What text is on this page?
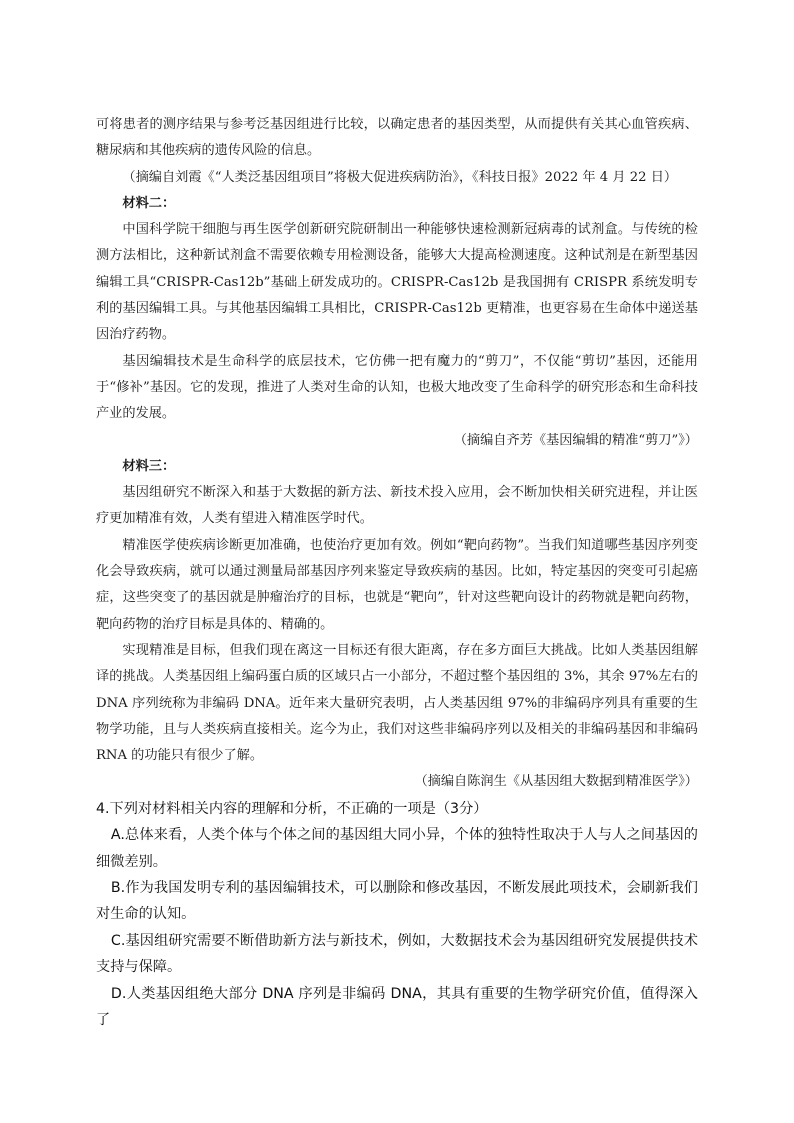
可将患者的测序结果与参考泛基因组进行比较，以确定患者的基因类型，从而提供有关其心血管疾病、糖尿病和其他疾病的遗传风险的信息。

（摘编自刘霞《“人类泛基因组项目”将极大促进疾病防治》，《科技日报》2022 年 4 月 22 日）

材料二：

中国科学院干细胞与再生医学创新研究院研制出一种能够快速检测新冠病毒的试剂盒。与传统的检测方法相比，这种新试剂盒不需要依赖专用检测设备，能够大大提高检测速度。这种试剂是在新型基因编辑工具“CRISPR-Cas12b”基础上研发成功的。CRISPR-Cas12b 是我国拥有 CRISPR 系统发明专利的基因编辑工具。与其他基因编辑工具相比，CRISPR-Cas12b 更精准，也更容易在生命体中递送基因治疗药物。

基因编辑技术是生命科学的底层技术，它仿佛一把有魔力的“剪刀”，不仅能“剪切”基因，还能用于“修补”基因。它的发现，推进了人类对生命的认知，也极大地改变了生命科学的研究形态和生命科技产业的发展。

（摘编自齐芳《基因编辑的精准“剪刀”》）

材料三：

基因组研究不断深入和基于大数据的新方法、新技术投入应用，会不断加快相关研究进程，并让医疗更加精准有效，人类有望进入精准医学时代。

精准医学使疾病诊断更加准确，也使治疗更加有效。例如“靶向药物”。当我们知道哪些基因序列变化会导致疾病，就可以通过测量局部基因序列来鉴定导致疾病的基因。比如，特定基因的突变可引起癌症，这些突变了的基因就是肿瘤治疗的目标，也就是“靶向”，针对这些靶向设计的药物就是靶向药物，靶向药物的治疗目标是具体的、精确的。

实现精准是目标，但我们现在离这一目标还有很大距离，存在多方面巨大挑战。比如人类基因组解译的挑战。人类基因组上编码蛋白质的区域只占一小部分，不超过整个基因组的 3%，其余 97%左右的 DNA 序列统称为非编码 DNA。近年来大量研究表明，占人类基因组 97%的非编码序列具有重要的生物学功能，且与人类疾病直接相关。迄今为止，我们对这些非编码序列以及相关的非编码基因和非编码 RNA 的功能只有很少了解。

（摘编自陈润生《从基因组大数据到精准医学》）

4.下列对材料相关内容的理解和分析，不正确的一项是（3分）

A.总体来看，人类个体与个体之间的基因组大同小异，个体的独特性取决于人与人之间基因的细微差别。

B.作为我国发明专利的基因编辑技术，可以删除和修改基因，不断发展此项技术，会刷新我们对生命的认知。

C.基因组研究需要不断借助新方法与新技术，例如，大数据技术会为基因组研究发展提供技术支持与保障。

D.人类基因组绝大部分 DNA 序列是非编码 DNA，其具有重要的生物学研究价值，值得深入了
